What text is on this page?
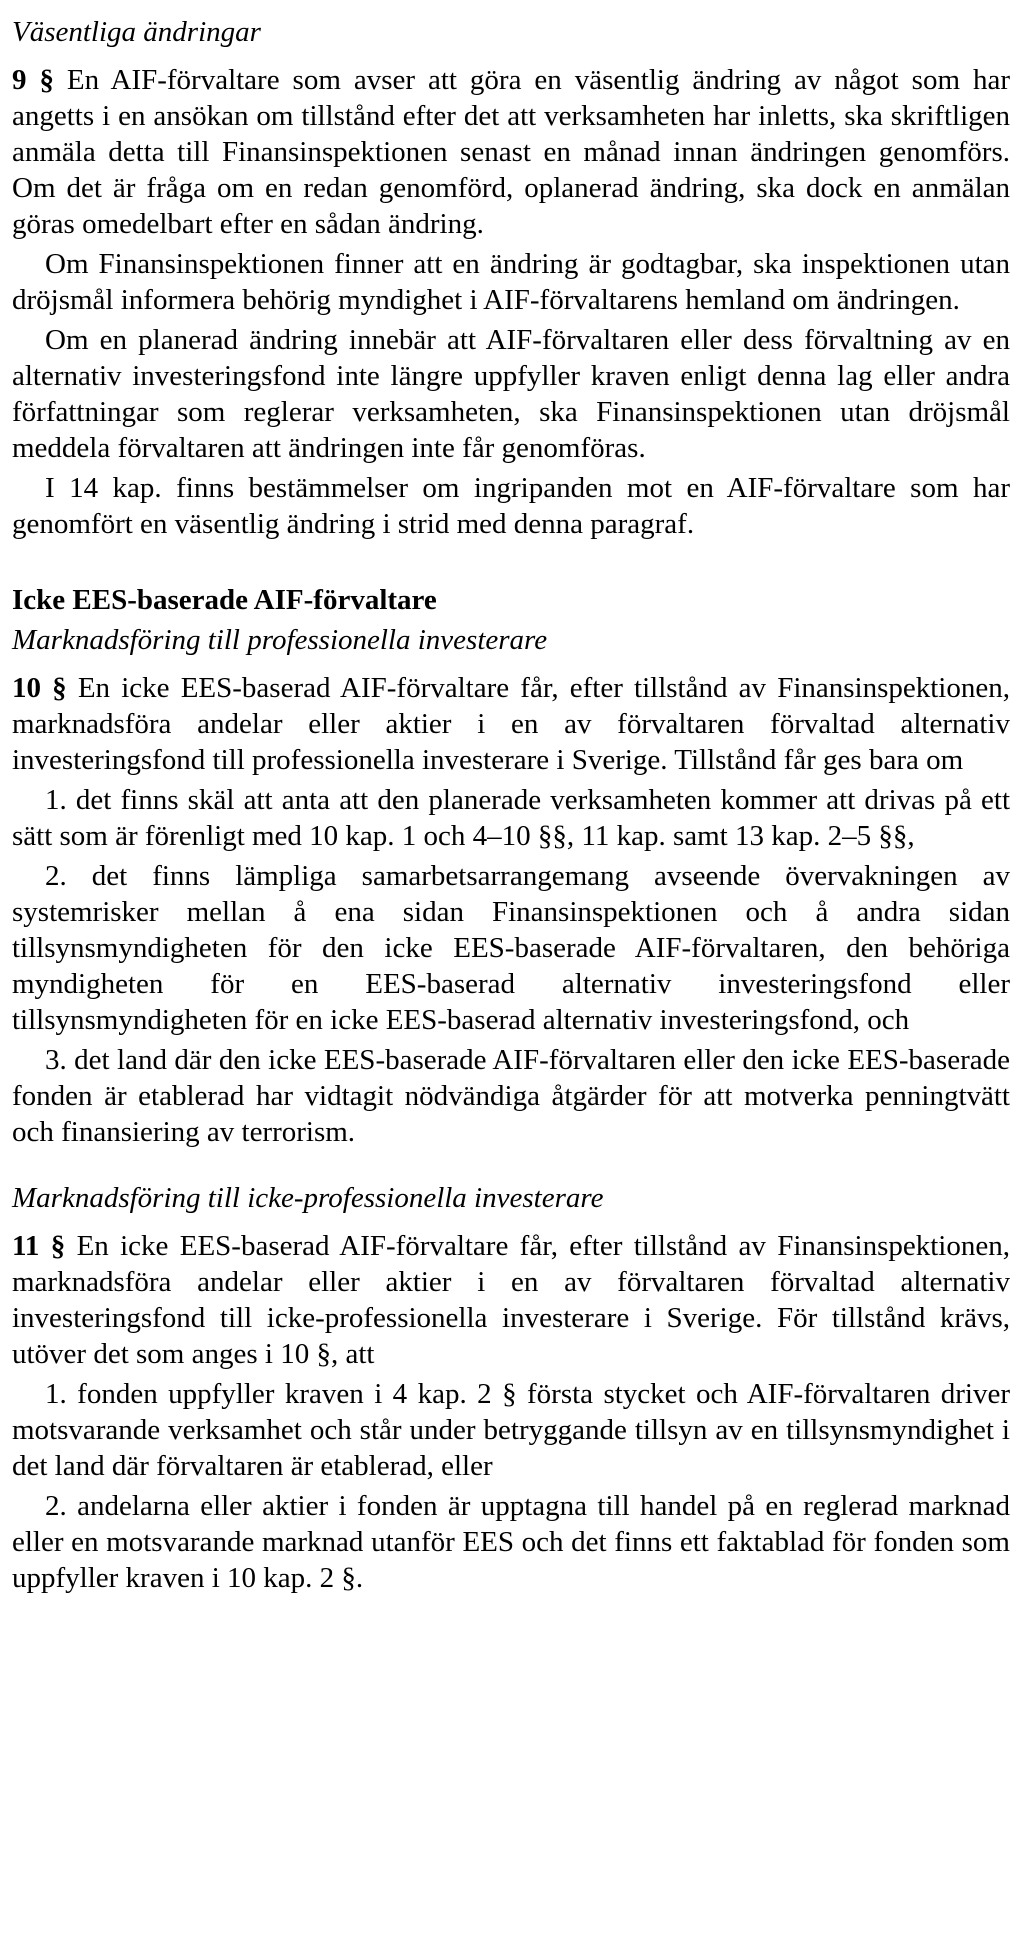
Väsentliga ändringar

9 § En AIF-förvaltare som avser att göra en väsentlig ändring av något som har angetts i en ansökan om tillstånd efter det att verksamheten har inletts, ska skriftligen anmäla detta till Finansinspektionen senast en månad innan ändringen genomförs. Om det är fråga om en redan genomförd, oplanerad ändring, ska dock en anmälan göras omedelbart efter en sådan ändring.

Om Finansinspektionen finner att en ändring är godtagbar, ska inspektionen utan dröjsmål informera behörig myndighet i AIF-förvaltarens hemland om ändringen.

Om en planerad ändring innebär att AIF-förvaltaren eller dess förvaltning av en alternativ investeringsfond inte längre uppfyller kraven enligt denna lag eller andra författningar som reglerar verksamheten, ska Finansinspektionen utan dröjsmål meddela förvaltaren att ändringen inte får genomföras.

I 14 kap. finns bestämmelser om ingripanden mot en AIF-förvaltare som har genomfört en väsentlig ändring i strid med denna paragraf.

Icke EES-baserade AIF-förvaltare
Marknadsföring till professionella investerare

10 § En icke EES-baserad AIF-förvaltare får, efter tillstånd av Finansinspektionen, marknadsföra andelar eller aktier i en av förvaltaren förvaltad alternativ investeringsfond till professionella investerare i Sverige. Tillstånd får ges bara om

1. det finns skäl att anta att den planerade verksamheten kommer att drivas på ett sätt som är förenligt med 10 kap. 1 och 4–10 §§, 11 kap. samt 13 kap. 2–5 §§,

2. det finns lämpliga samarbetsarrangemang avseende övervakningen av systemrisker mellan å ena sidan Finansinspektionen och å andra sidan tillsynsmyndigheten för den icke EES-baserade AIF-förvaltaren, den behöriga myndigheten för en EES-baserad alternativ investeringsfond eller tillsynsmyndigheten för en icke EES-baserad alternativ investeringsfond, och

3. det land där den icke EES-baserade AIF-förvaltaren eller den icke EES-baserade fonden är etablerad har vidtagit nödvändiga åtgärder för att motverka penningtvätt och finansiering av terrorism.

Marknadsföring till icke-professionella investerare

11 § En icke EES-baserad AIF-förvaltare får, efter tillstånd av Finansinspektionen, marknadsföra andelar eller aktier i en av förvaltaren förvaltad alternativ investeringsfond till icke-professionella investerare i Sverige. För tillstånd krävs, utöver det som anges i 10 §, att

1. fonden uppfyller kraven i 4 kap. 2 § första stycket och AIF-förvaltaren driver motsvarande verksamhet och står under betryggande tillsyn av en tillsynsmyndighet i det land där förvaltaren är etablerad, eller

2. andelarna eller aktier i fonden är upptagna till handel på en reglerad marknad eller en motsvarande marknad utanför EES och det finns ett faktablad för fonden som uppfyller kraven i 10 kap. 2 §.
